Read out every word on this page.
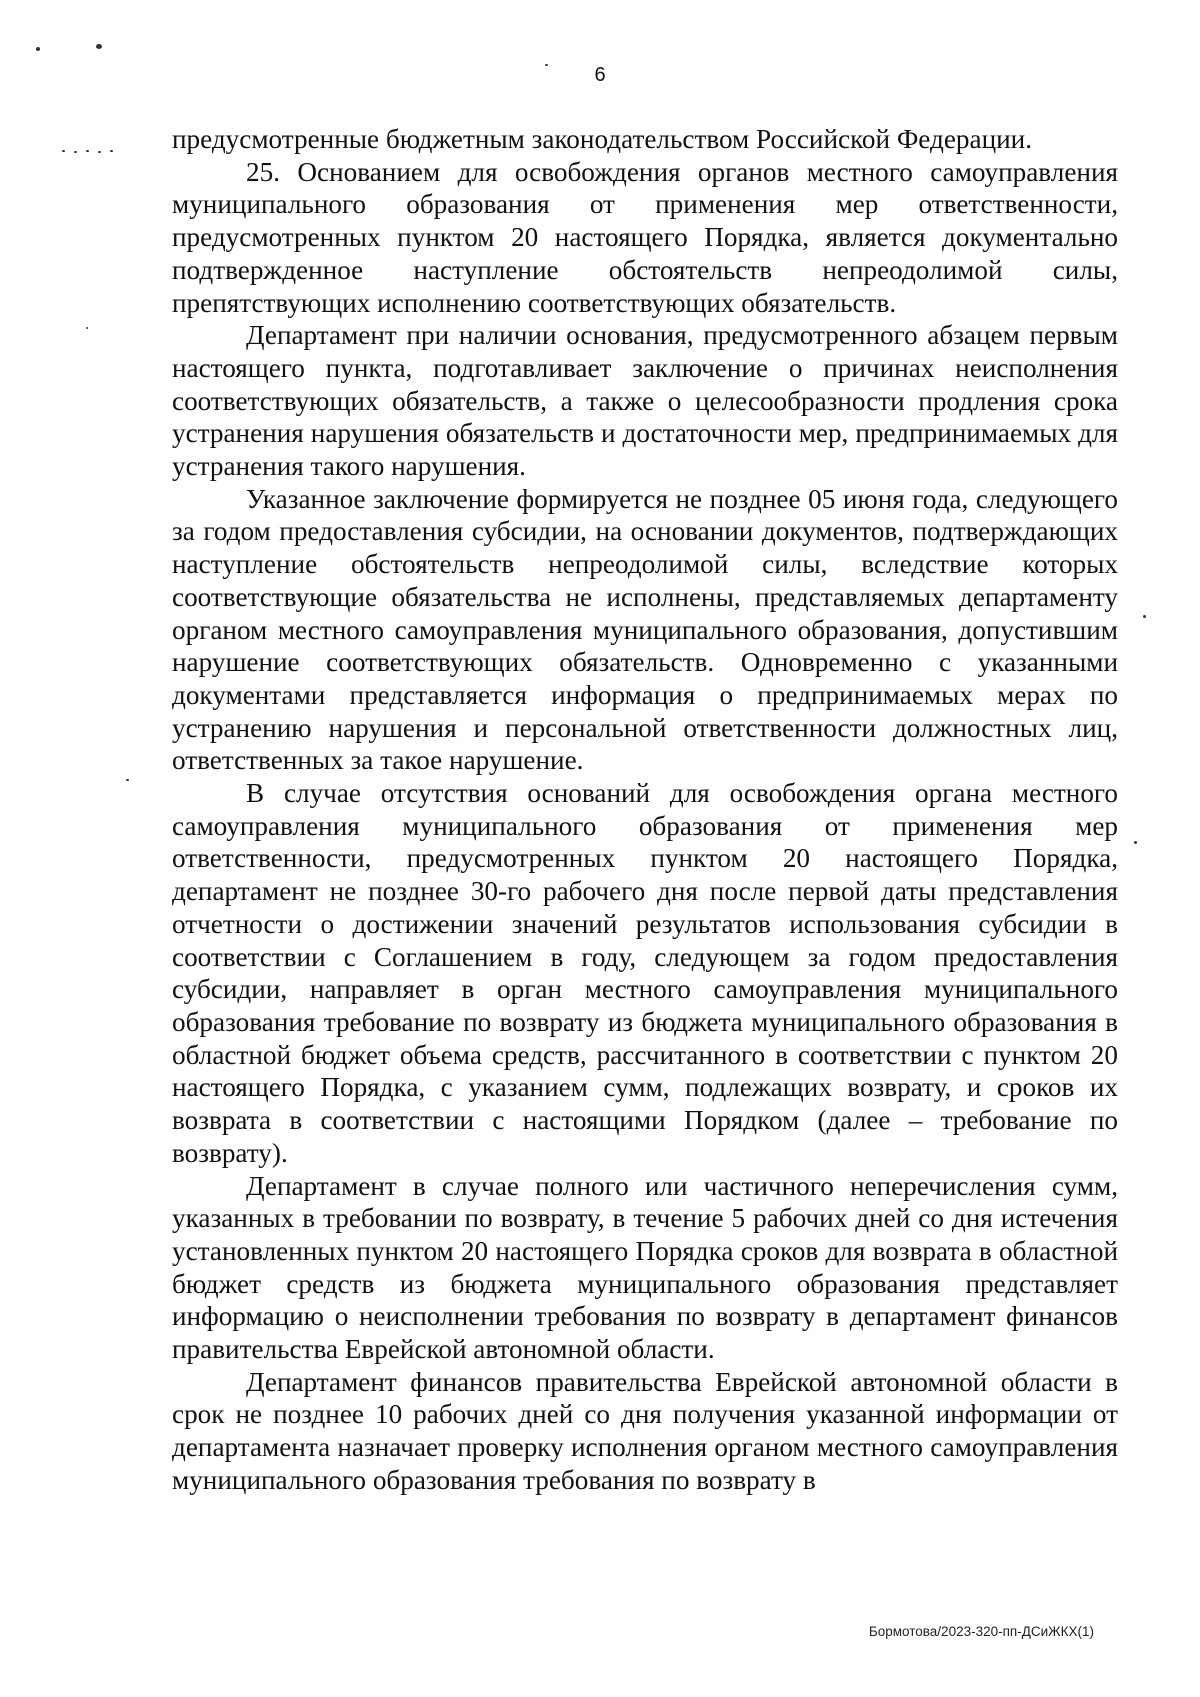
6

предусмотренные бюджетным законодательством Российской Федерации.

25. Основанием для освобождения органов местного самоуправления муниципального образования от применения мер ответственности, предусмотренных пунктом 20 настоящего Порядка, является документально подтвержденное наступление обстоятельств непреодолимой силы, препятствующих исполнению соответствующих обязательств.

Департамент при наличии основания, предусмотренного абзацем первым настоящего пункта, подготавливает заключение о причинах неисполнения соответствующих обязательств, а также о целесообразности продления срока устранения нарушения обязательств и достаточности мер, предпринимаемых для устранения такого нарушения.

Указанное заключение формируется не позднее 05 июня года, следующего за годом предоставления субсидии, на основании документов, подтверждающих наступление обстоятельств непреодолимой силы, вследствие которых соответствующие обязательства не исполнены, представляемых департаменту органом местного самоуправления муниципального образования, допустившим нарушение соответствующих обязательств. Одновременно с указанными документами представляется информация о предпринимаемых мерах по устранению нарушения и персональной ответственности должностных лиц, ответственных за такое нарушение.

В случае отсутствия оснований для освобождения органа местного самоуправления муниципального образования от применения мер ответственности, предусмотренных пунктом 20 настоящего Порядка, департамент не позднее 30-го рабочего дня после первой даты представления отчетности о достижении значений результатов использования субсидии в соответствии с Соглашением в году, следующем за годом предоставления субсидии, направляет в орган местного самоуправления муниципального образования требование по возврату из бюджета муниципального образования в областной бюджет объема средств, рассчитанного в соответствии с пунктом 20 настоящего Порядка, с указанием сумм, подлежащих возврату, и сроков их возврата в соответствии с настоящими Порядком (далее – требование по возврату).

Департамент в случае полного или частичного неперечисления сумм, указанных в требовании по возврату, в течение 5 рабочих дней со дня истечения установленных пунктом 20 настоящего Порядка сроков для возврата в областной бюджет средств из бюджета муниципального образования представляет информацию о неисполнении требования по возврату в департамент финансов правительства Еврейской автономной области.

Департамент финансов правительства Еврейской автономной области в срок не позднее 10 рабочих дней со дня получения указанной информации от департамента назначает проверку исполнения органом местного самоуправления муниципального образования требования по возврату в

Бормотова/2023-320-пп-ДСиЖКХ(1)
